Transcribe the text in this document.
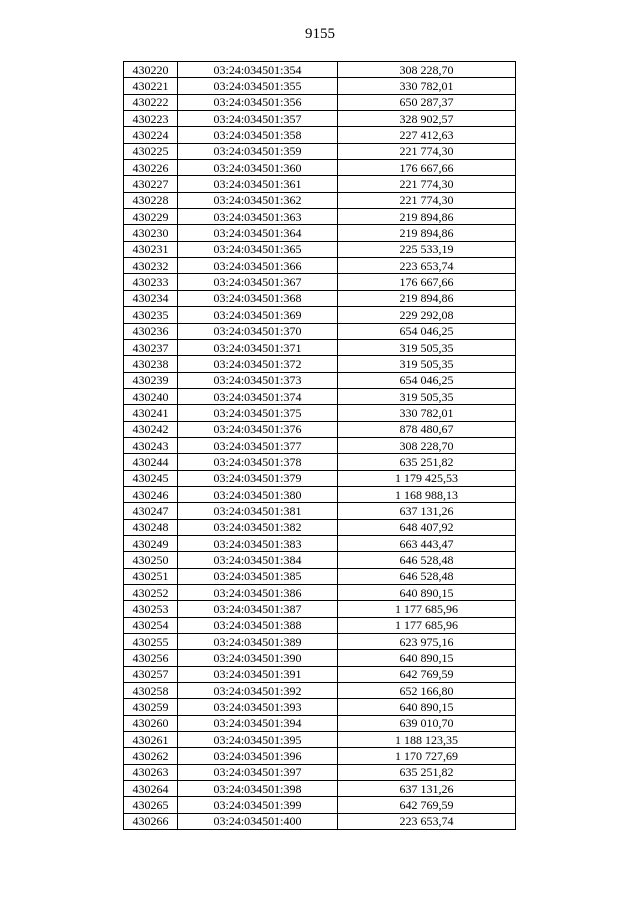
9155
430220	03:24:034501:354	308 228,70
430221	03:24:034501:355	330 782,01
430222	03:24:034501:356	650 287,37
430223	03:24:034501:357	328 902,57
430224	03:24:034501:358	227 412,63
430225	03:24:034501:359	221 774,30
430226	03:24:034501:360	176 667,66
430227	03:24:034501:361	221 774,30
430228	03:24:034501:362	221 774,30
430229	03:24:034501:363	219 894,86
430230	03:24:034501:364	219 894,86
430231	03:24:034501:365	225 533,19
430232	03:24:034501:366	223 653,74
430233	03:24:034501:367	176 667,66
430234	03:24:034501:368	219 894,86
430235	03:24:034501:369	229 292,08
430236	03:24:034501:370	654 046,25
430237	03:24:034501:371	319 505,35
430238	03:24:034501:372	319 505,35
430239	03:24:034501:373	654 046,25
430240	03:24:034501:374	319 505,35
430241	03:24:034501:375	330 782,01
430242	03:24:034501:376	878 480,67
430243	03:24:034501:377	308 228,70
430244	03:24:034501:378	635 251,82
430245	03:24:034501:379	1 179 425,53
430246	03:24:034501:380	1 168 988,13
430247	03:24:034501:381	637 131,26
430248	03:24:034501:382	648 407,92
430249	03:24:034501:383	663 443,47
430250	03:24:034501:384	646 528,48
430251	03:24:034501:385	646 528,48
430252	03:24:034501:386	640 890,15
430253	03:24:034501:387	1 177 685,96
430254	03:24:034501:388	1 177 685,96
430255	03:24:034501:389	623 975,16
430256	03:24:034501:390	640 890,15
430257	03:24:034501:391	642 769,59
430258	03:24:034501:392	652 166,80
430259	03:24:034501:393	640 890,15
430260	03:24:034501:394	639 010,70
430261	03:24:034501:395	1 188 123,35
430262	03:24:034501:396	1 170 727,69
430263	03:24:034501:397	635 251,82
430264	03:24:034501:398	637 131,26
430265	03:24:034501:399	642 769,59
430266	03:24:034501:400	223 653,74
